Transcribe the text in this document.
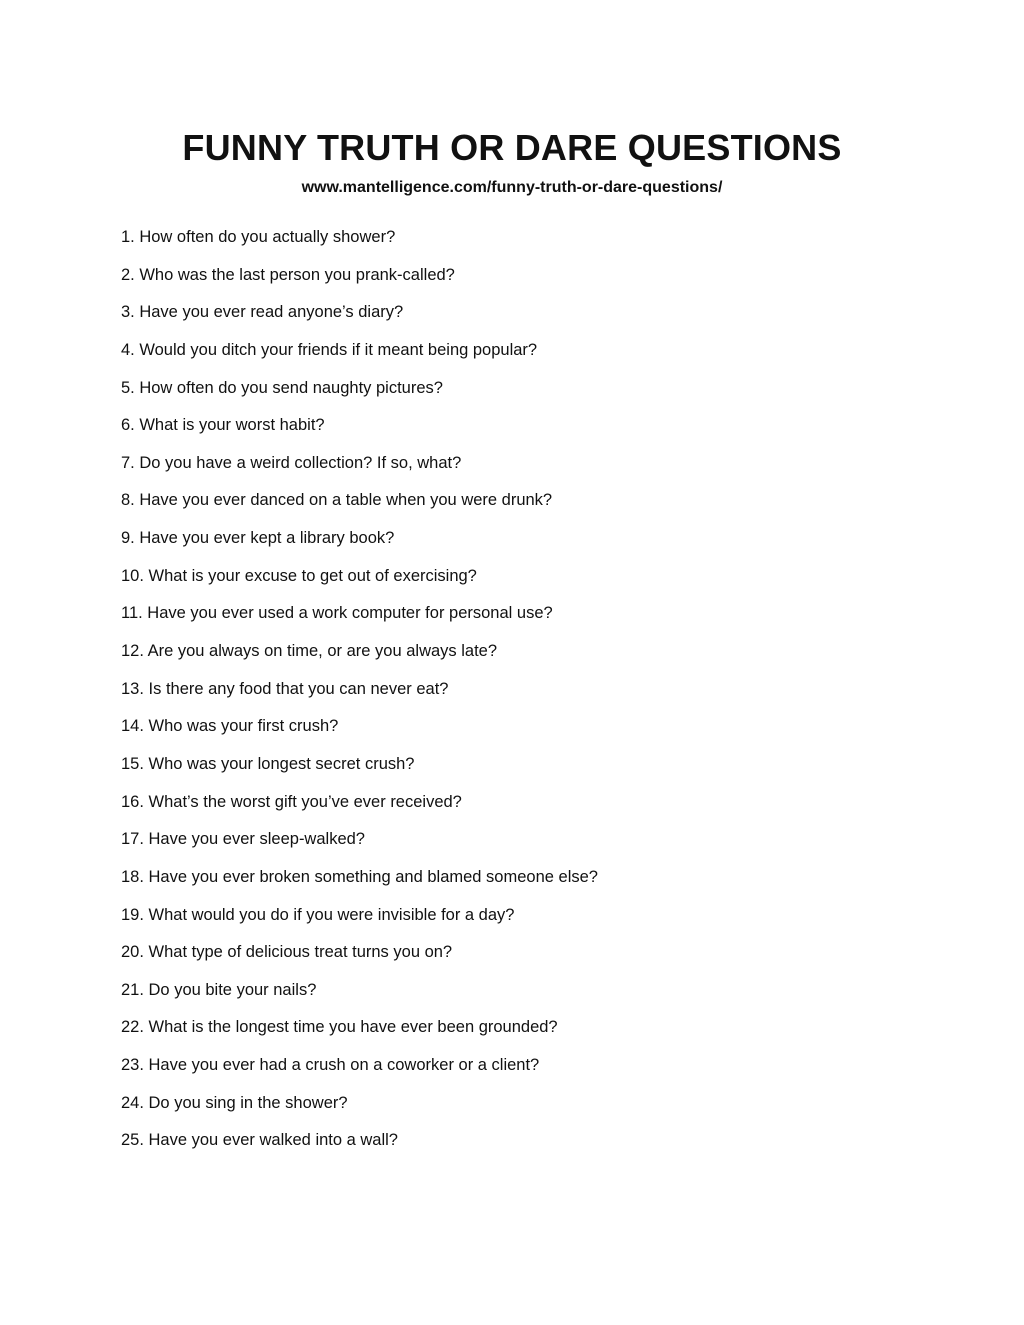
FUNNY TRUTH OR DARE QUESTIONS

www.mantelligence.com/funny-truth-or-dare-questions/

1. How often do you actually shower?
2. Who was the last person you prank-called?
3. Have you ever read anyone’s diary?
4. Would you ditch your friends if it meant being popular?
5. How often do you send naughty pictures?
6. What is your worst habit?
7. Do you have a weird collection? If so, what?
8. Have you ever danced on a table when you were drunk?
9. Have you ever kept a library book?
10. What is your excuse to get out of exercising?
11. Have you ever used a work computer for personal use?
12. Are you always on time, or are you always late?
13. Is there any food that you can never eat?
14. Who was your first crush?
15. Who was your longest secret crush?
16. What’s the worst gift you’ve ever received?
17. Have you ever sleep-walked?
18. Have you ever broken something and blamed someone else?
19. What would you do if you were invisible for a day?
20. What type of delicious treat turns you on?
21. Do you bite your nails?
22. What is the longest time you have ever been grounded?
23. Have you ever had a crush on a coworker or a client?
24. Do you sing in the shower?
25. Have you ever walked into a wall?
